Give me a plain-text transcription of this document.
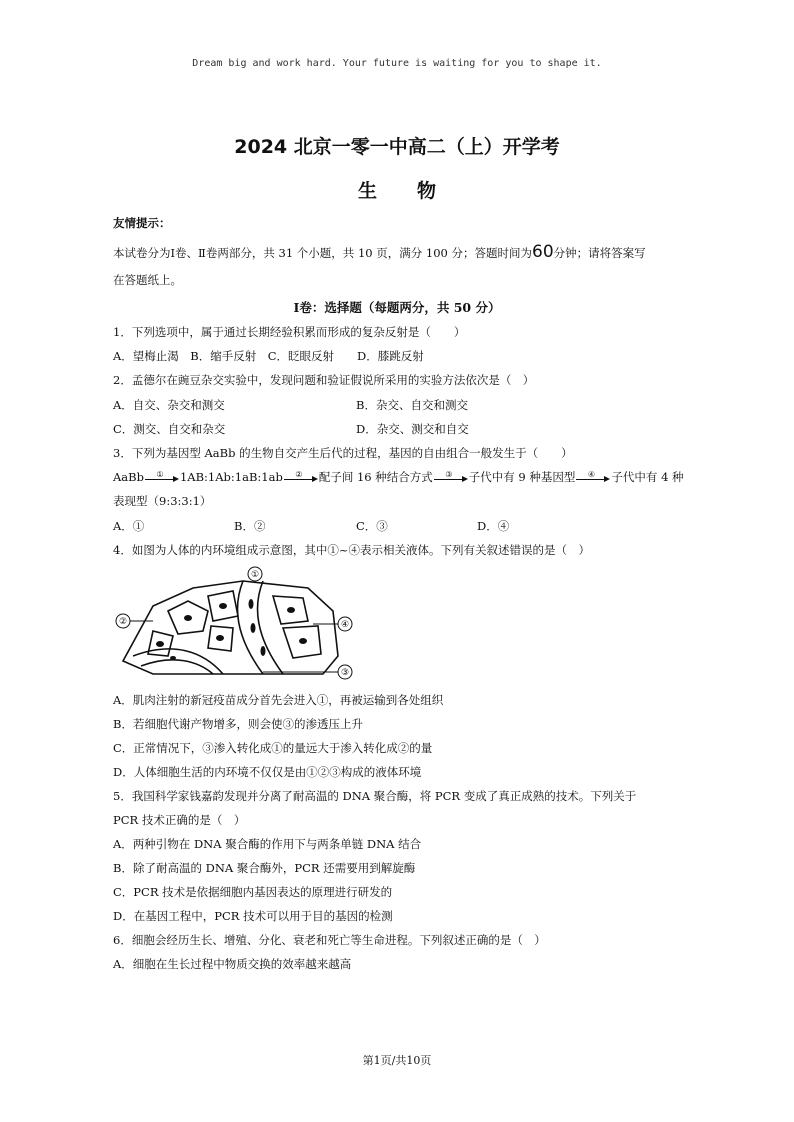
Dream big and work hard. Your future is waiting for you to shape it.
2024 北京一零一中高二（上）开学考
生物
友情提示：
本试卷分为Ⅰ卷、Ⅱ卷两部分，共 31 个小题，共 10 页，满分 100 分；答题时间为60分钟；请将答案写
在答题纸上。
Ⅰ卷：选择题（每题两分，共 50 分）
1．下列选项中，属于通过长期经验积累而形成的复杂反射是（　　）
A．望梅止渴　B．缩手反射　C．眨眼反射　　D．膝跳反射
2．孟德尔在豌豆杂交实验中，发现问题和验证假说所采用的实验方法依次是（　）
A．自交、杂交和测交	B．杂交、自交和测交
C．测交、自交和杂交	D．杂交、测交和自交
3．下列为基因型 AaBb 的生物自交产生后代的过程，基因的自由组合一般发生于（　　）
AaBb	①	1AB:1Ab:1aB:1ab	②	配子间 16 种结合方式	③	子代中有 9 种基因型	④	子代中有 4 种
表现型（9:3:3:1）
A．①	B．②	C．③	D．④
4．如图为人体的内环境组成示意图，其中①~④表示相关液体。下列有关叙述错误的是（　）
①
②
③
④
A．肌肉注射的新冠疫苗成分首先会进入①，再被运输到各处组织
B．若细胞代谢产物增多，则会使③的渗透压上升
C．正常情况下，③渗入转化成①的量远大于渗入转化成②的量
D．人体细胞生活的内环境不仅仅是由①②③构成的液体环境
5．我国科学家钱嘉韵发现并分离了耐高温的 DNA 聚合酶，将 PCR 变成了真正成熟的技术。下列关于
PCR 技术正确的是（　）
A．两种引物在 DNA 聚合酶的作用下与两条单链 DNA 结合
B．除了耐高温的 DNA 聚合酶外，PCR 还需要用到解旋酶
C．PCR 技术是依据细胞内基因表达的原理进行研发的
D．在基因工程中，PCR 技术可以用于目的基因的检测
6．细胞会经历生长、增殖、分化、衰老和死亡等生命进程。下列叙述正确的是（　）
A．细胞在生长过程中物质交换的效率越来越高
第1页/共10页
